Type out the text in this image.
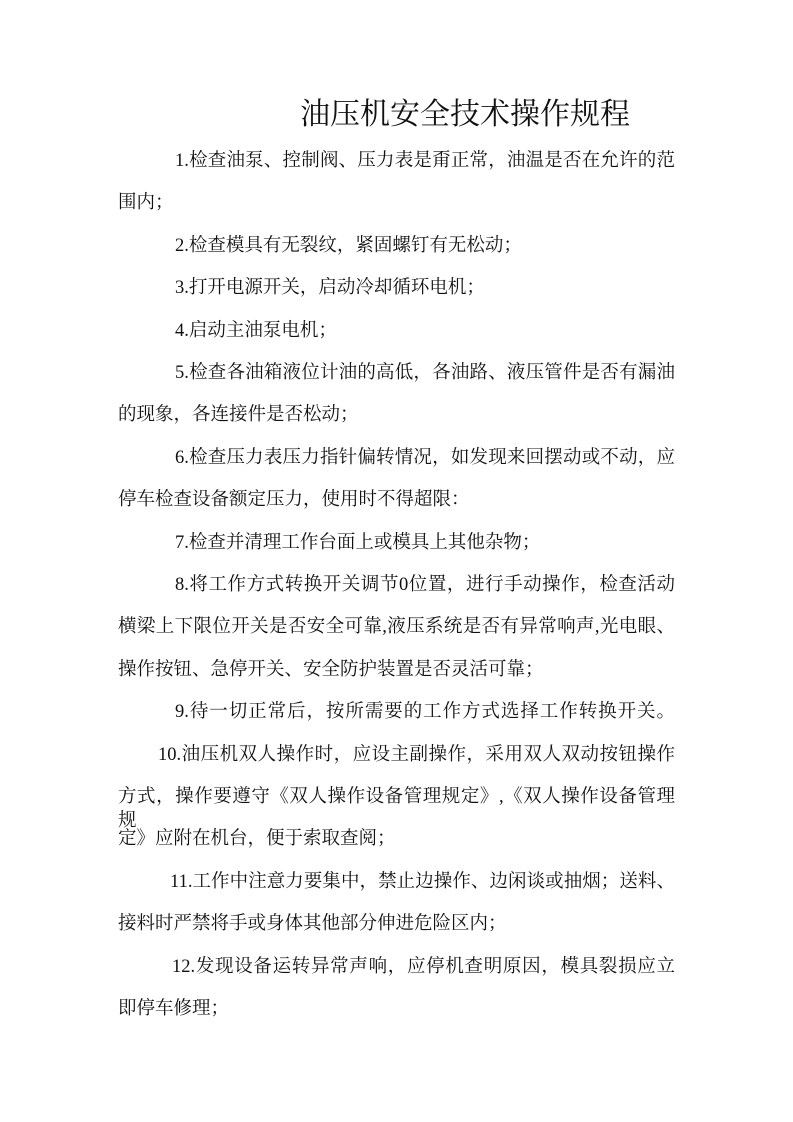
油压机安全技术操作规程
1.检查油泵、控制阀、压力表是甭正常，油温是否在允许的范
围内；
2.检查模具有无裂纹，紧固螺钉有无松动；
3.打开电源开关，启动冷却循环电机；
4.启动主油泵电机；
5.检查各油箱液位计油的高低，各油路、液压管件是否有漏油
的现象，各连接件是否松动；
6.检查压力表压力指针偏转情况，如发现来回摆动或不动，应
停车检查设备额定压力，使用时不得超限：
7.检查并清理工作台面上或模具上其他杂物；
8.将工作方式转换开关调节0位置，进行手动操作，检查活动
横梁上下限位开关是否安全可靠,液压系统是否有异常响声,光电眼、
操作按钮、急停开关、安全防护装置是否灵活可靠；
9.待一切正常后，按所需要的工作方式选择工作转换开关。
10.油压机双人操作时，应设主副操作，采用双人双动按钮操作
方式，操作要遵守《双人操作设备管理规定》,《双人操作设备管理规
定》应附在机台，便于索取查阅；
11.工作中注意力要集中，禁止边操作、边闲谈或抽烟；送料、
接料时严禁将手或身体其他部分伸进危险区内；
12.发现设备运转异常声响，应停机查明原因，模具裂损应立
即停车修理；
